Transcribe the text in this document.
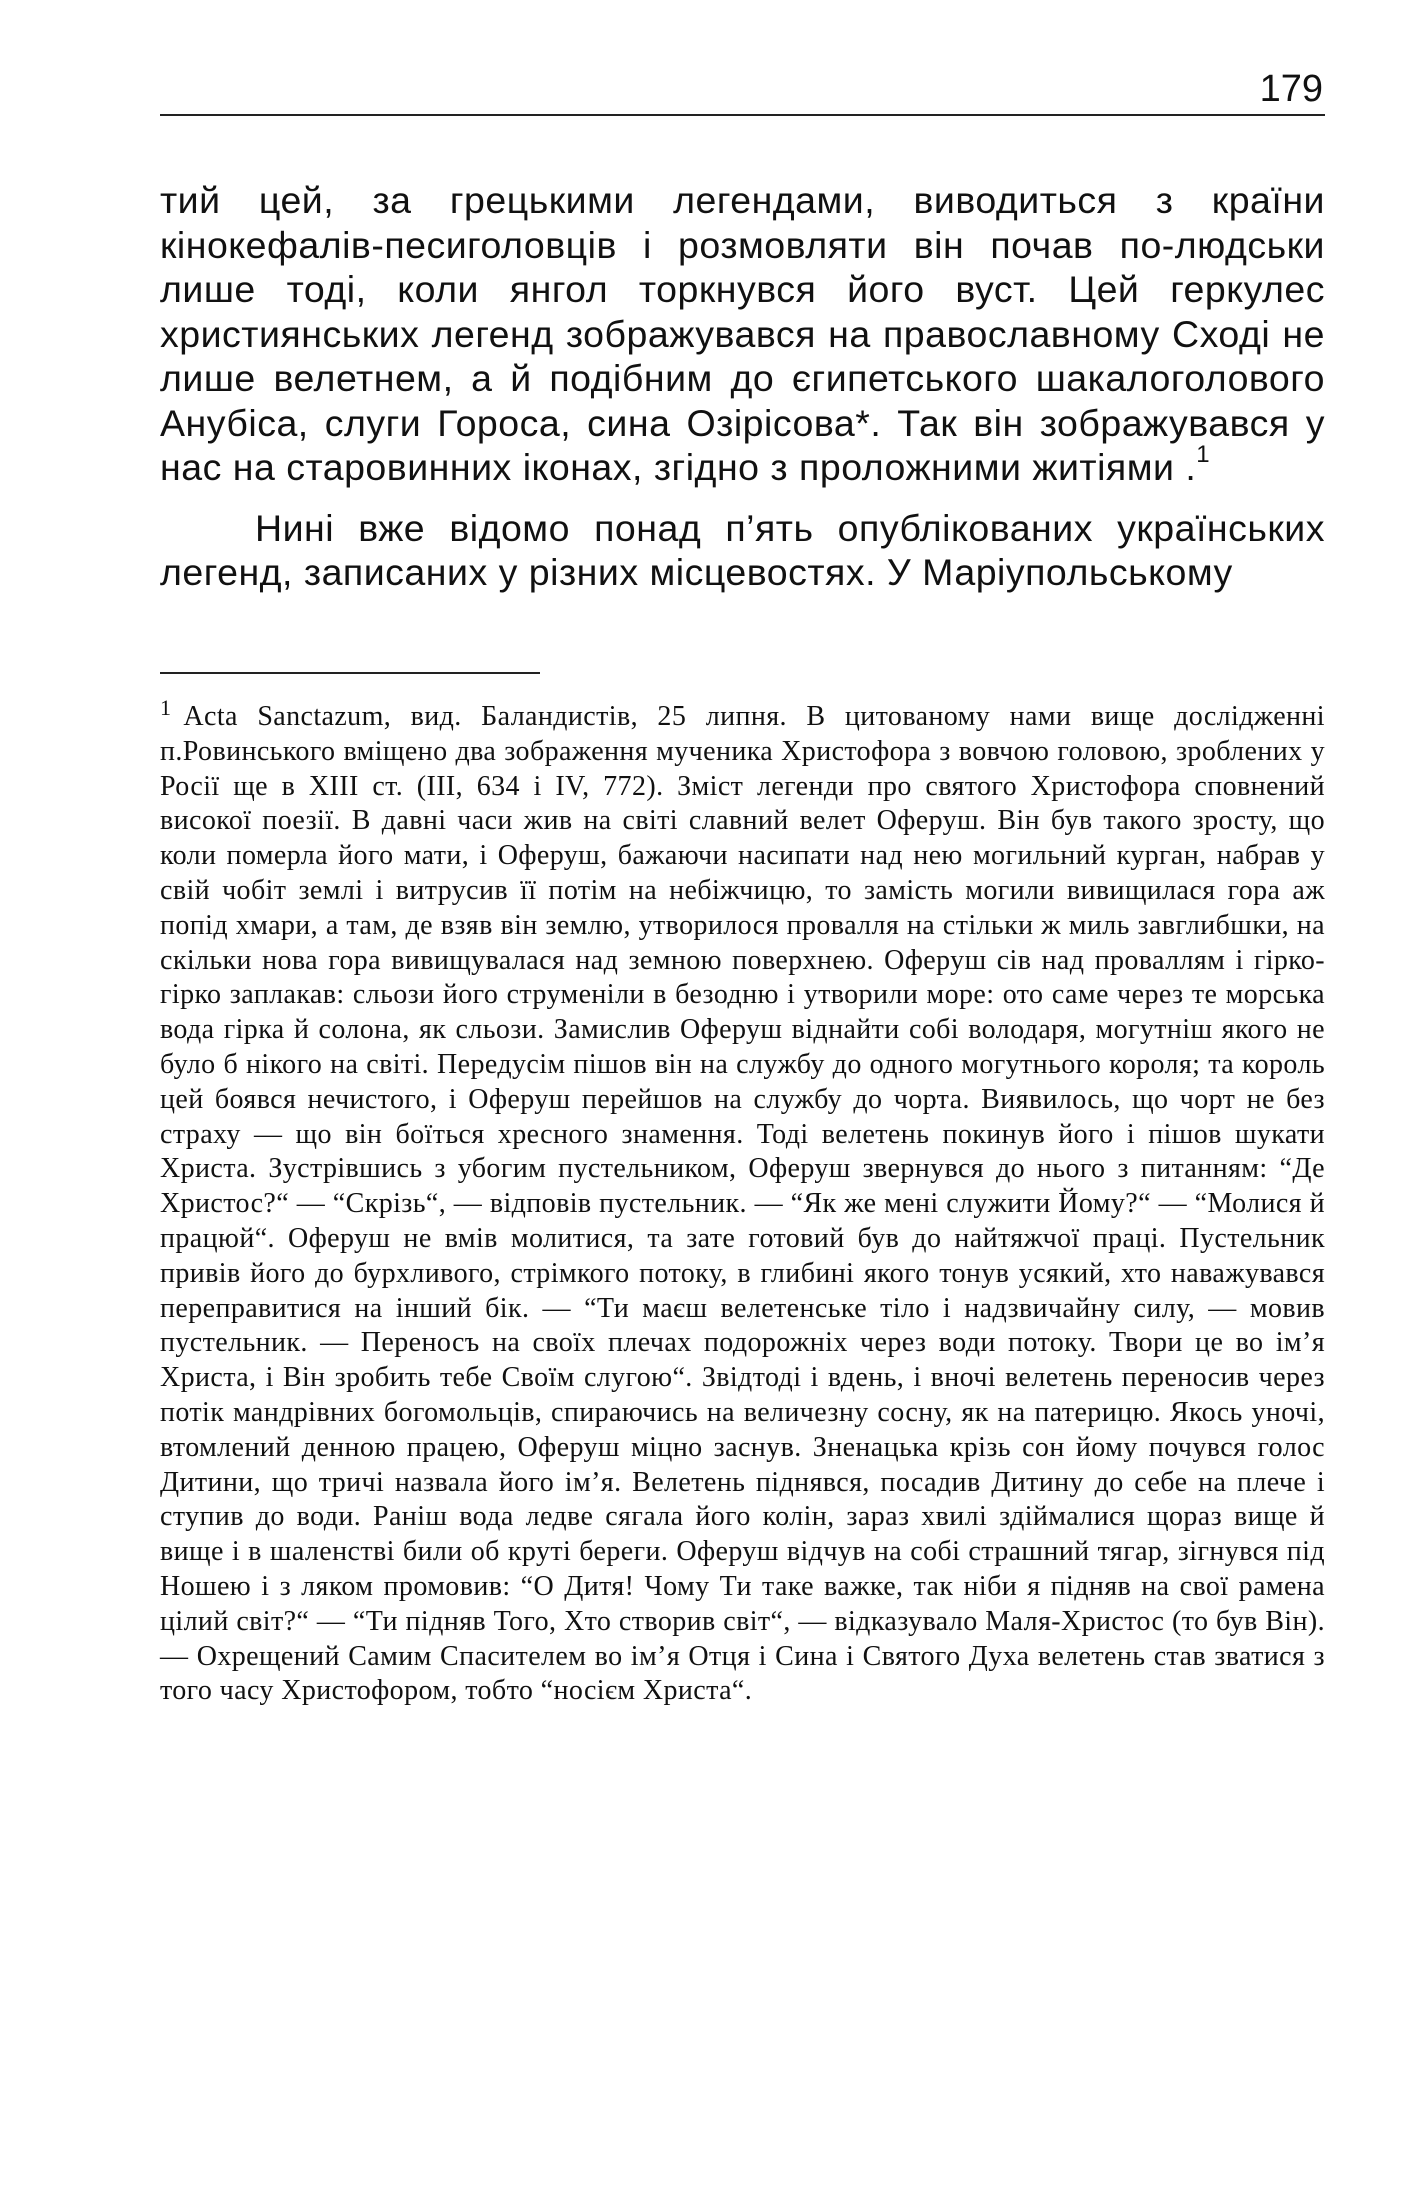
179

тий цей, за грецькими легендами, виводиться з країни кінокефалів-песиголовців і розмовляти він почав по-людськи лише тоді, коли янгол торкнувся його вуст. Цей геркулес християнських легенд зображувався на православному Сході не лише велетнем, а й подібним до єгипетського шакалоголового Анубіса, слуги Гороса, сина Озірісова*. Так він зображувався у нас на старовинних іконах, згідно з проложними житіями .$^1$

Нині вже відомо понад п’ять опублікованих українських легенд, записаних у різних місцевостях. У Маріупольському

$^1$ Acta Sanctazum, вид. Баландистів, 25 липня. В цитованому нами вище дослідженні п.Ровинського вміщено два зображення мученика Христофора з вовчою головою, зроблених у Росії ще в XIII ст. (III, 634 і IV, 772). Зміст легенди про святого Христофора сповнений високої поезії. В давні часи жив на світі славний велет Оферуш. Він був такого зросту, що коли померла його мати, і Оферуш, бажаючи насипати над нею могильний курган, набрав у свій чобіт землі і витрусив її потім на небіжчицю, то замість могили вивищилася гора аж попід хмари, а там, де взяв він землю, утворилося провалля на стільки ж миль завглибшки, на скільки нова гора вивищувалася над земною поверхнею. Оферуш сів над проваллям і гірко-гірко заплакав: сльози його струменіли в безодню і утворили море: ото саме через те морська вода гірка й солона, як сльози. Замислив Оферуш віднайти собі володаря, могутніш якого не було б нікого на світі. Передусім пішов він на службу до одного могутнього короля; та король цей боявся нечистого, і Оферуш перейшов на службу до чорта. Виявилось, що чорт не без страху — що він боїться хресного знамення. Тоді велетень покинув його і пішов шукати Христа. Зустрівшись з убогим пустельником, Оферуш звернувся до нього з питанням: “Де Христос?“ — “Скрізь“, — відповів пустельник. — “Як же мені служити Йому?“ — “Молися й працюй“. Оферуш не вмів молитися, та зате готовий був до найтяжчої праці. Пустельник привів його до бурхливого, стрімкого потоку, в глибині якого тонув усякий, хто наважувався переправитися на інший бік. — “Ти маєш велетенське тіло і надзвичайну силу, — мовив пустельник. — Переносъ на своїх плечах подорожніх через води потоку. Твори це во ім’я Христа, і Він зробить тебе Своїм слугою“. Звідтоді і вдень, і вночі велетень переносив через потік мандрівних богомольців, спираючись на величезну сосну, як на патерицю. Якось уночі, втомлений денною працею, Оферуш міцно заснув. Зненацька крізь сон йому почувся голос Дитини, що тричі назвала його ім’я. Велетень піднявся, посадив Дитину до себе на плече і ступив до води. Раніш вода ледве сягала його колін, зараз хвилі здіймалися щораз вище й вище і в шаленстві били об круті береги. Оферуш відчув на собі страшний тягар, зігнувся під Ношею і з ляком промовив: “О Дитя! Чому Ти таке важке, так ніби я підняв на свої рамена цілий світ?“ — “Ти підняв Того, Хто створив світ“, — відказувало Маля-Христос (то був Він). — Охрещений Самим Спасителем во ім’я Отця і Сина і Святого Духа велетень став зватися з того часу Христофором, тобто “носієм Христа“.
